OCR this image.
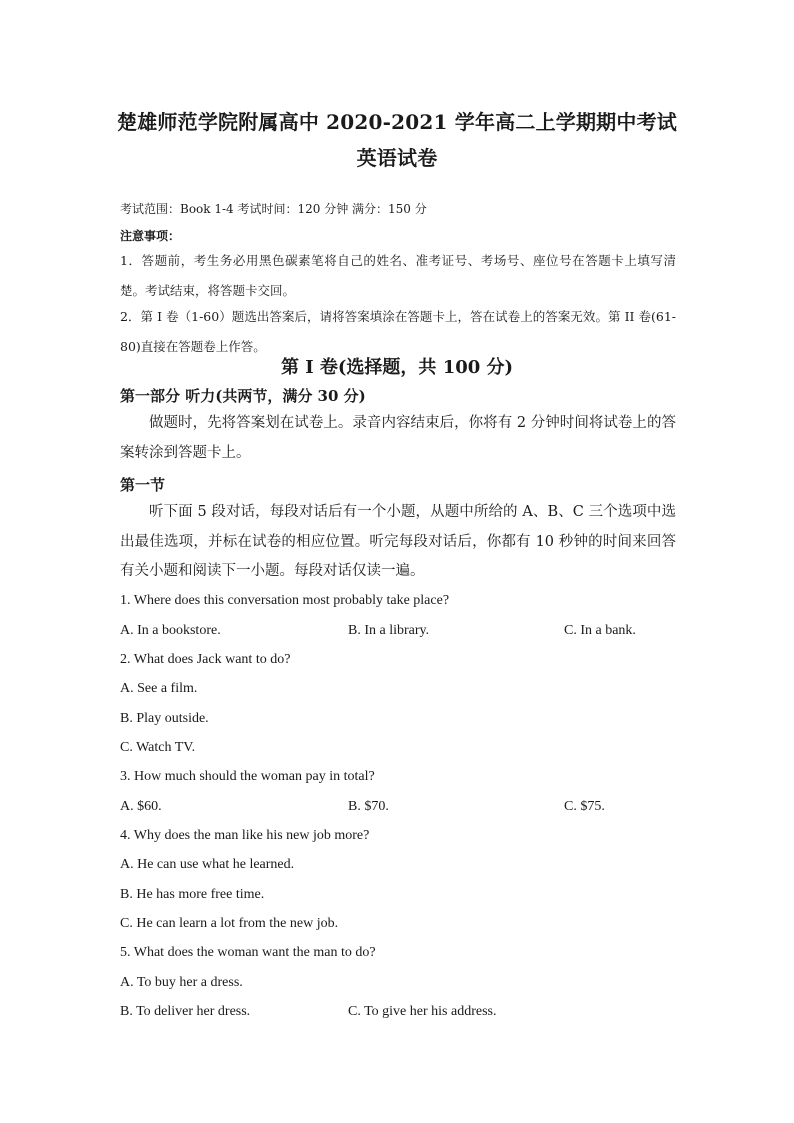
楚雄师范学院附属高中 2020-2021 学年高二上学期期中考试
英语试卷
考试范围：Book 1-4 考试时间：120 分钟 满分：150 分
注意事项：
1．答题前，考生务必用黑色碳素笔将自己的姓名、准考证号、考场号、座位号在答题卡上填写清楚。考试结束，将答题卡交回。
2．第 I 卷（1-60）题选出答案后，请将答案填涂在答题卡上，答在试卷上的答案无效。第 II 卷(61-80)直接在答题卷上作答。
第 I 卷(选择题，共 100 分)
第一部分 听力(共两节，满分 30 分)
做题时，先将答案划在试卷上。录音内容结束后，你将有 2 分钟时间将试卷上的答案转涂到答题卡上。
第一节
听下面 5 段对话，每段对话后有一个小题，从题中所给的 A、B、C 三个选项中选出最佳选项，并标在试卷的相应位置。听完每段对话后，你都有 10 秒钟的时间来回答有关小题和阅读下一小题。每段对话仅读一遍。
1. Where does this conversation most probably take place?
A. In a bookstore.	B. In a library.	C. In a bank.
2. What does Jack want to do?
A. See a film.
B. Play outside.
C. Watch TV.
3. How much should the woman pay in total?
A. $60.	B. $70.	C. $75.
4. Why does the man like his new job more?
A. He can use what he learned.
B. He has more free time.
C. He can learn a lot from the new job.
5. What does the woman want the man to do?
A. To buy her a dress.
B. To deliver her dress.	C. To give her his address.
